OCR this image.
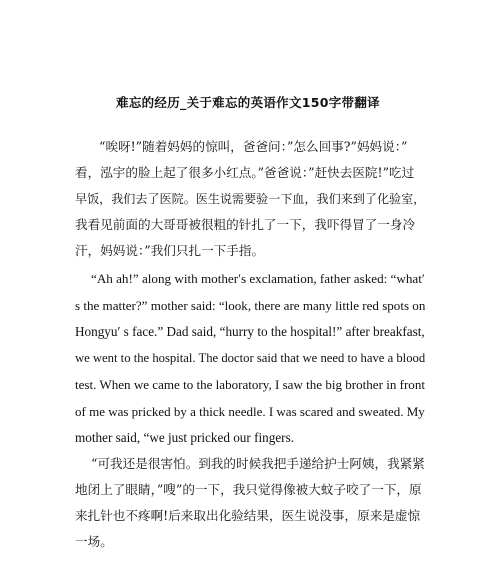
难忘的经历_关于难忘的英语作文150字带翻译
“唉呀!”随着妈妈的惊叫，爸爸问：”怎么回事?”妈妈说：”
看，泓宇的脸上起了很多小红点。”爸爸说：”赶快去医院!”吃过
早饭，我们去了医院。医生说需要验一下血，我们来到了化验室，
我看见前面的大哥哥被很粗的针扎了一下，我吓得冒了一身冷
汗，妈妈说：”我们只扎一下手指。
“Ah ah!” along with mother′s exclamation, father asked: “what′
s the matter?” mother said: “look, there are many little red spots on
Hongyu′ s face.” Dad said, “hurry to the hospital!” after breakfast,
we went to the hospital. The doctor said that we need to have a blood
test. When we came to the laboratory, I saw the big brother in front
of me was pricked by a thick needle. I was scared and sweated. My
mother said, “we just pricked our fingers.
“可我还是很害怕。到我的时候我把手递给护士阿姨，我紧紧
地闭上了眼睛，”嗖”的一下，我只觉得像被大蚊子咬了一下，原
来扎针也不疼啊!后来取出化验结果，医生说没事，原来是虚惊
一场。
